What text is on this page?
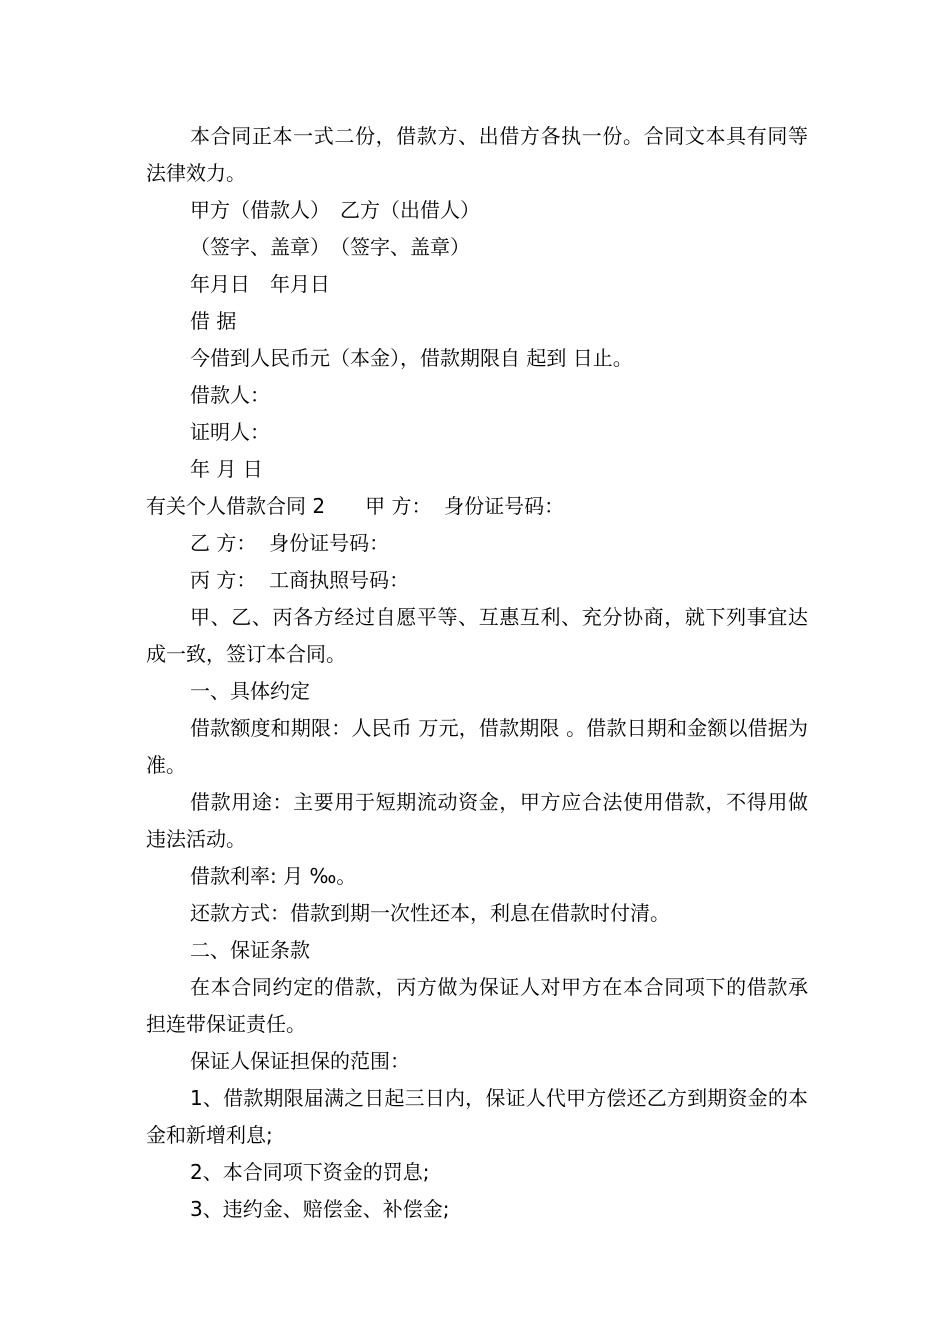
本合同正本一式二份，借款方、出借方各执一份。合同文本具有同等法律效力。

甲方（借款人）　乙方（出借人）

（签字、盖章）　（签字、盖章）

年月日　年月日

借 据

今借到人民币元（本金），借款期限自 起到 日止。

借款人：

证明人：

年 月 日

有关个人借款合同 2　　甲 方：  身份证号码：

乙 方：  身份证号码：

丙 方：  工商执照号码：

甲、乙、丙各方经过自愿平等、互惠互利、充分协商，就下列事宜达成一致，签订本合同。

一、具体约定

借款额度和期限：人民币 万元，借款期限 。借款日期和金额以借据为准。

借款用途：主要用于短期流动资金，甲方应合法使用借款，不得用做违法活动。

借款利率: 月 ‰。

还款方式：借款到期一次性还本，利息在借款时付清。

二、保证条款

在本合同约定的借款，丙方做为保证人对甲方在本合同项下的借款承担连带保证责任。

保证人保证担保的范围：

1、借款期限届满之日起三日内，保证人代甲方偿还乙方到期资金的本金和新增利息;

2、本合同项下资金的罚息;

3、违约金、赔偿金、补偿金;
